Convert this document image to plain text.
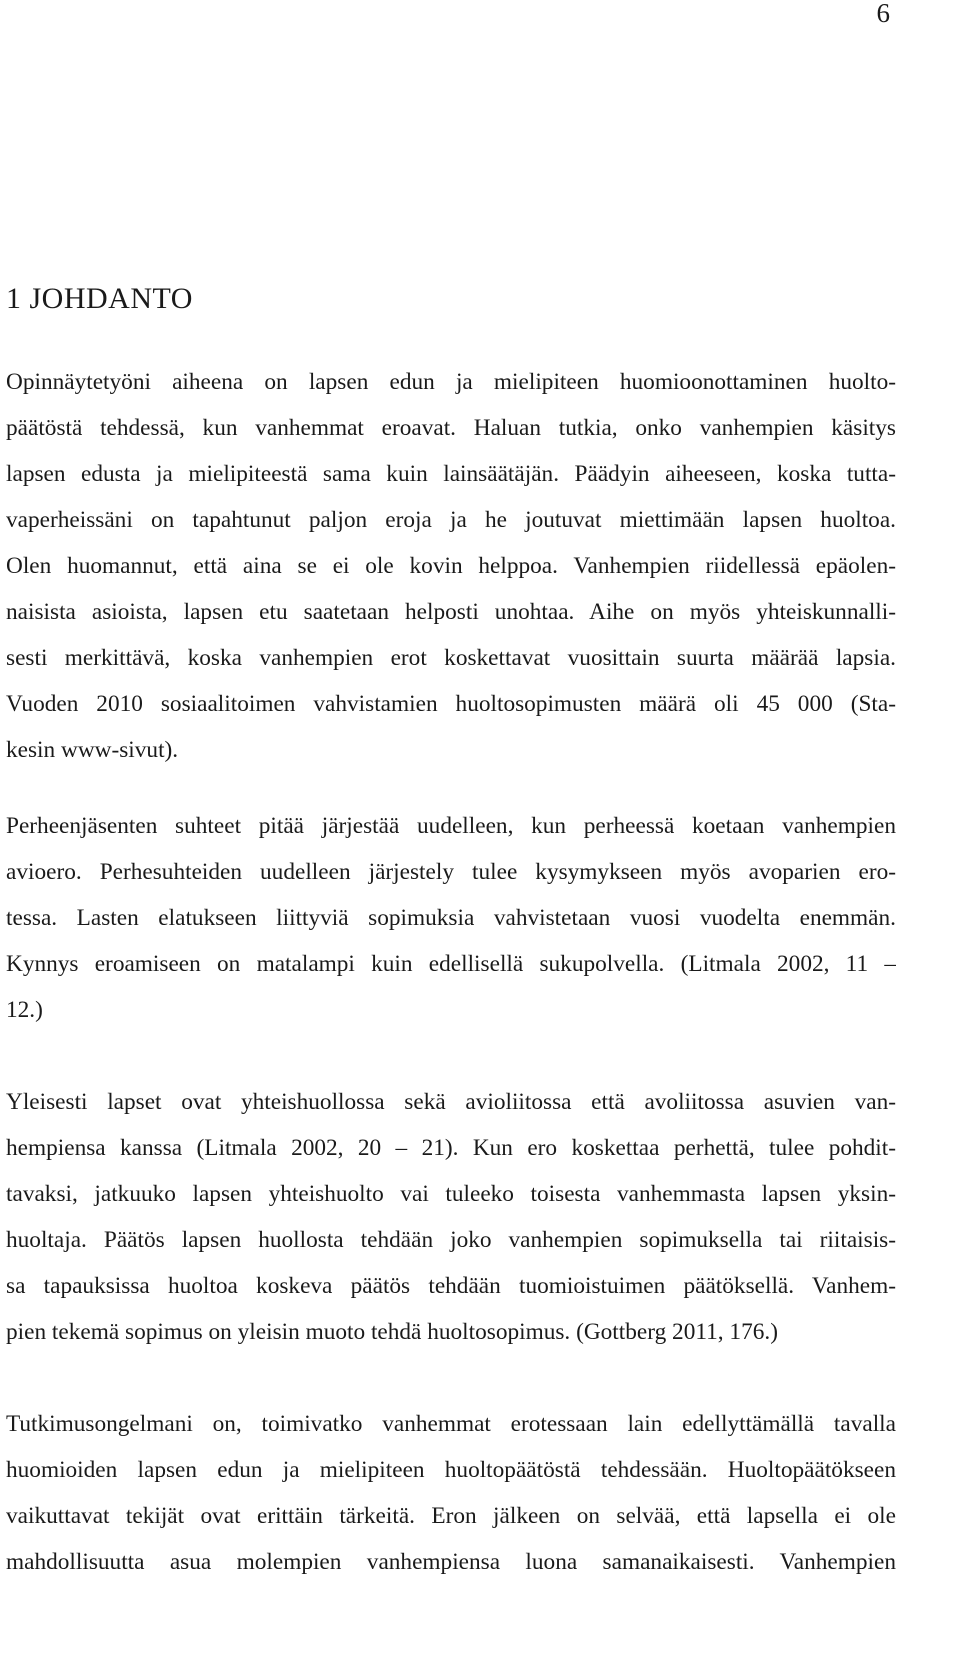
6
1 JOHDANTO
Opinnäytetyöni aiheena on lapsen edun ja mielipiteen huomioonottaminen huolto-
päätöstä tehdessä, kun vanhemmat eroavat. Haluan tutkia, onko vanhempien käsitys
lapsen edusta ja mielipiteestä sama kuin lainsäätäjän. Päädyin aiheeseen, koska tutta-
vaperheissäni on tapahtunut paljon eroja ja he joutuvat miettimään lapsen huoltoa.
Olen huomannut, että aina se ei ole kovin helppoa. Vanhempien riidellessä epäolen-
naisista asioista, lapsen etu saatetaan helposti unohtaa. Aihe on myös yhteiskunnalli-
sesti merkittävä, koska vanhempien erot koskettavat vuosittain suurta määrää lapsia.
Vuoden 2010 sosiaalitoimen vahvistamien huoltosopimusten määrä oli 45 000 (Sta-
kesin www-sivut).
Perheenjäsenten suhteet pitää järjestää uudelleen, kun perheessä koetaan vanhempien
avioero. Perhesuhteiden uudelleen järjestely tulee kysymykseen myös avoparien ero-
tessa. Lasten elatukseen liittyviä sopimuksia vahvistetaan vuosi vuodelta enemmän.
Kynnys eroamiseen on matalampi kuin edellisellä sukupolvella. (Litmala 2002, 11 –
12.)
Yleisesti lapset ovat yhteishuollossa sekä avioliitossa että avoliitossa asuvien van-
hempiensa kanssa (Litmala 2002, 20 – 21). Kun ero koskettaa perhettä, tulee pohdit-
tavaksi, jatkuuko lapsen yhteishuolto vai tuleeko toisesta vanhemmasta lapsen yksin-
huoltaja. Päätös lapsen huollosta tehdään joko vanhempien sopimuksella tai riitaisis-
sa tapauksissa huoltoa koskeva päätös tehdään tuomioistuimen päätöksellä. Vanhem-
pien tekemä sopimus on yleisin muoto tehdä huoltosopimus. (Gottberg 2011, 176.)
Tutkimusongelmani on, toimivatko vanhemmat erotessaan lain edellyttämällä tavalla
huomioiden lapsen edun ja mielipiteen huoltopäätöstä tehdessään. Huoltopäätökseen
vaikuttavat tekijät ovat erittäin tärkeitä. Eron jälkeen on selvää, että lapsella ei ole
mahdollisuutta asua molempien vanhempiensa luona samanaikaisesti. Vanhempien
